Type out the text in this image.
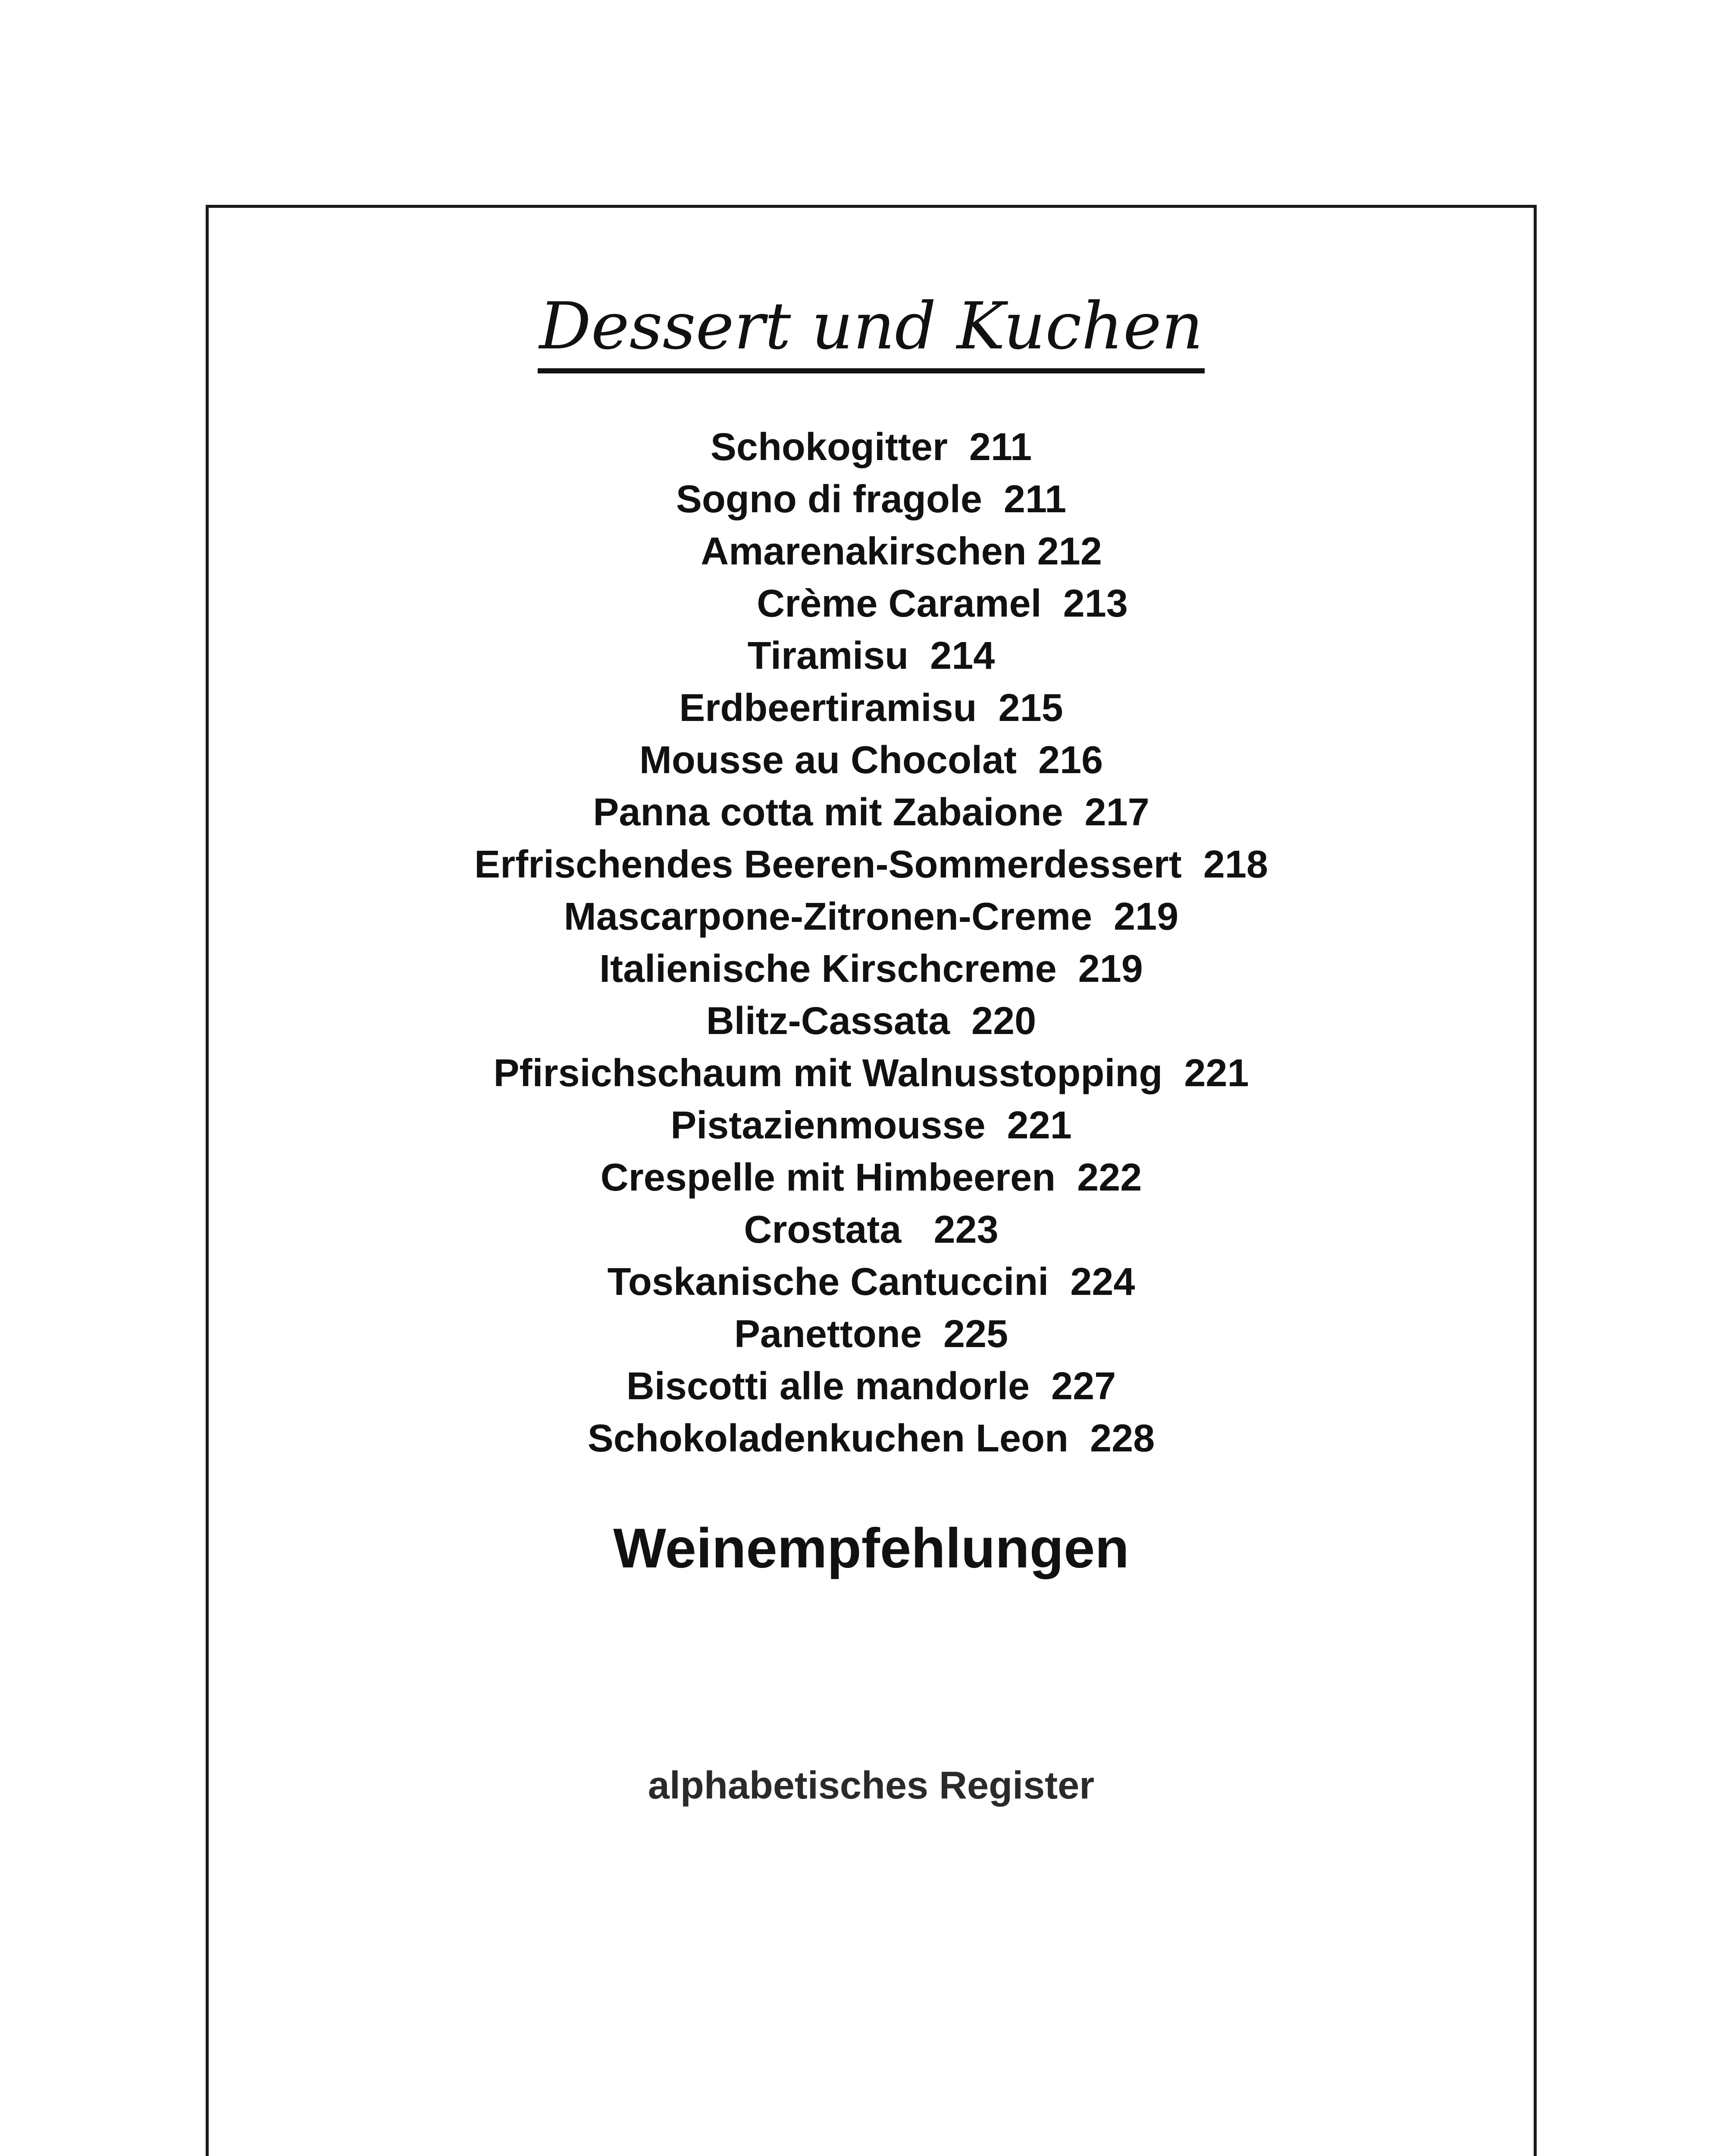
Dessert und Kuchen
Schokogitter  211
Sogno di fragole  211
Amarenakirschen 212
Crème Caramel  213
Tiramisu  214
Erdbeertiramisu  215
Mousse au Chocolat  216
Panna cotta mit Zabaione  217
Erfrischendes Beeren-Sommerdessert  218
Mascarpone-Zitronen-Creme  219
Italienische Kirschcreme  219
Blitz-Cassata  220
Pfirsichschaum mit Walnusstopping  221
Pistazienmousse  221
Crespelle mit Himbeeren  222
Crostata   223
Toskanische Cantuccini  224
Panettone  225
Biscotti alle mandorle  227
Schokoladenkuchen Leon  228
Weinempfehlungen
alphabetisches Register
